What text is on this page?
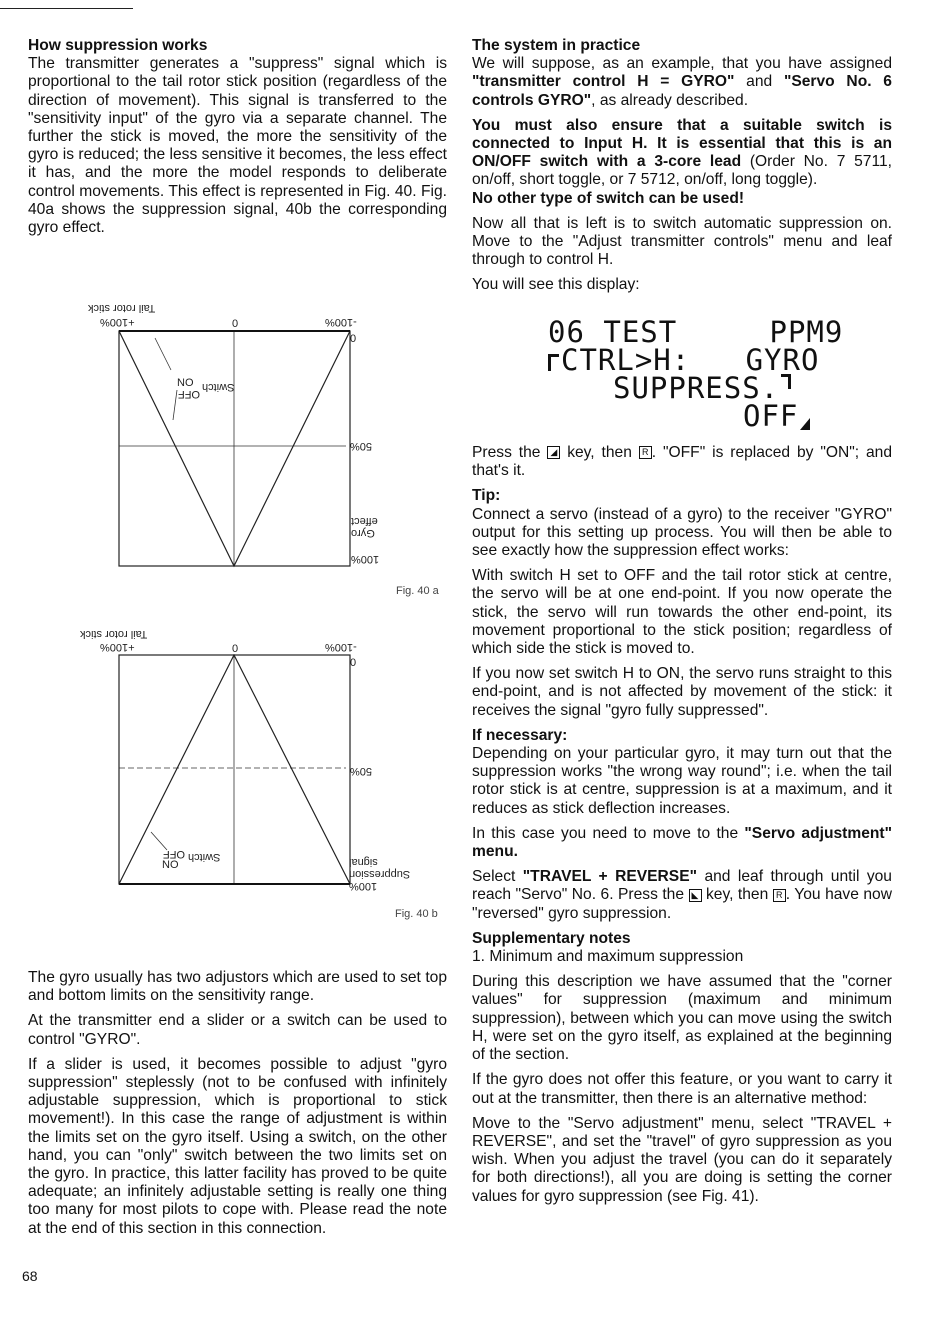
How suppression works

The transmitter generates a "suppress" signal which is proportional to the tail rotor stick position (regardless of the direction of movement). This signal is transferred to the "sensitivity input" of the gyro via a separate channel. The further the stick is moved, the more the sensitivity of the gyro is reduced; the less sensitive it becomes, the less effect it has, and the more the model responds to deliberate control movements. This effect is represented in Fig. 40. Fig. 40a shows the suppression signal, 40b the corresponding gyro effect.

Tail rotor stick
+100%	0	-100%
0
50%
effect
Gyro
100%
NO
OFF
Switch
Fig. 40 a
Tail rotor stick
+100%	0	-100%
0
50%
signal
Suppression
100%
OFF
NO
Switch
Fig. 40 b

The gyro usually has two adjustors which are used to set top and bottom limits on the sensitivity range.

At the transmitter end a slider or a switch can be used to control "GYRO".

If a slider is used, it becomes possible to adjust "gyro suppression" steplessly (not to be confused with infinitely adjustable suppression, which is proportional to stick movement!). In this case the range of adjustment is within the limits set on the gyro itself. Using a switch, on the other hand, you can "only" switch between the two limits set on the gyro. In practice, this latter facility has proved to be quite adequate; an infinitely adjustable setting is really one thing too many for most pilots to cope with. Please read the note at the end of this section in this connection.

The system in practice

We will suppose, as an example, that you have assigned "transmitter control H = GYRO" and "Servo No. 6 controls GYRO", as already described.

You must also ensure that a suitable switch is connected to Input H. It is essential that this is an ON/OFF switch with a 3-core lead (Order No. 7 5711, on/off, short toggle, or 7 5712, on/off, long toggle).

No other type of switch can be used!

Now all that is left is to switch automatic suppression on. Move to the "Adjust transmitter controls" menu and leaf through to control H.

You will see this display:

06 TEST     PPM9
CTRL>H:   GYRO
SUPPRESS.
OFF

Press the ◢ key, then R . "OFF" is replaced by "ON"; and that's it.

Tip:

Connect a servo (instead of a gyro) to the receiver "GYRO" output for this setting up process. You will then be able to see exactly how the suppression effect works:

With switch H set to OFF and the tail rotor stick at centre, the servo will be at one end-point. If you now operate the stick, the servo will run towards the other end-point, its movement proportional to the stick position; regardless of which side the stick is moved to.

If you now set switch H to ON, the servo runs straight to this end-point, and is not affected by movement of the stick: it receives the signal "gyro fully suppressed".

If necessary:

Depending on your particular gyro, it may turn out that the suppression works "the wrong way round"; i.e. when the tail rotor stick is at centre, suppression is at a maximum, and it reduces as stick deflection increases.

In this case you need to move to the "Servo adjustment" menu.

Select "TRAVEL + REVERSE" and leaf through until you reach "Servo" No. 6. Press the ◣ key, then R . You have now "reversed" gyro suppression.

Supplementary notes

1. Minimum and maximum suppression

During this description we have assumed that the "corner values" for suppression (maximum and minimum suppression), between which you can move using the switch H, were set on the gyro itself, as explained at the beginning of the section.

If the gyro does not offer this feature, or you want to carry it out at the transmitter, then there is an alternative method:

Move to the "Servo adjustment" menu, select "TRAVEL + REVERSE", and set the "travel" of gyro suppression as you wish. When you adjust the travel (you can do it separately for both directions!), all you are doing is setting the corner values for gyro suppression (see Fig. 41).

68
